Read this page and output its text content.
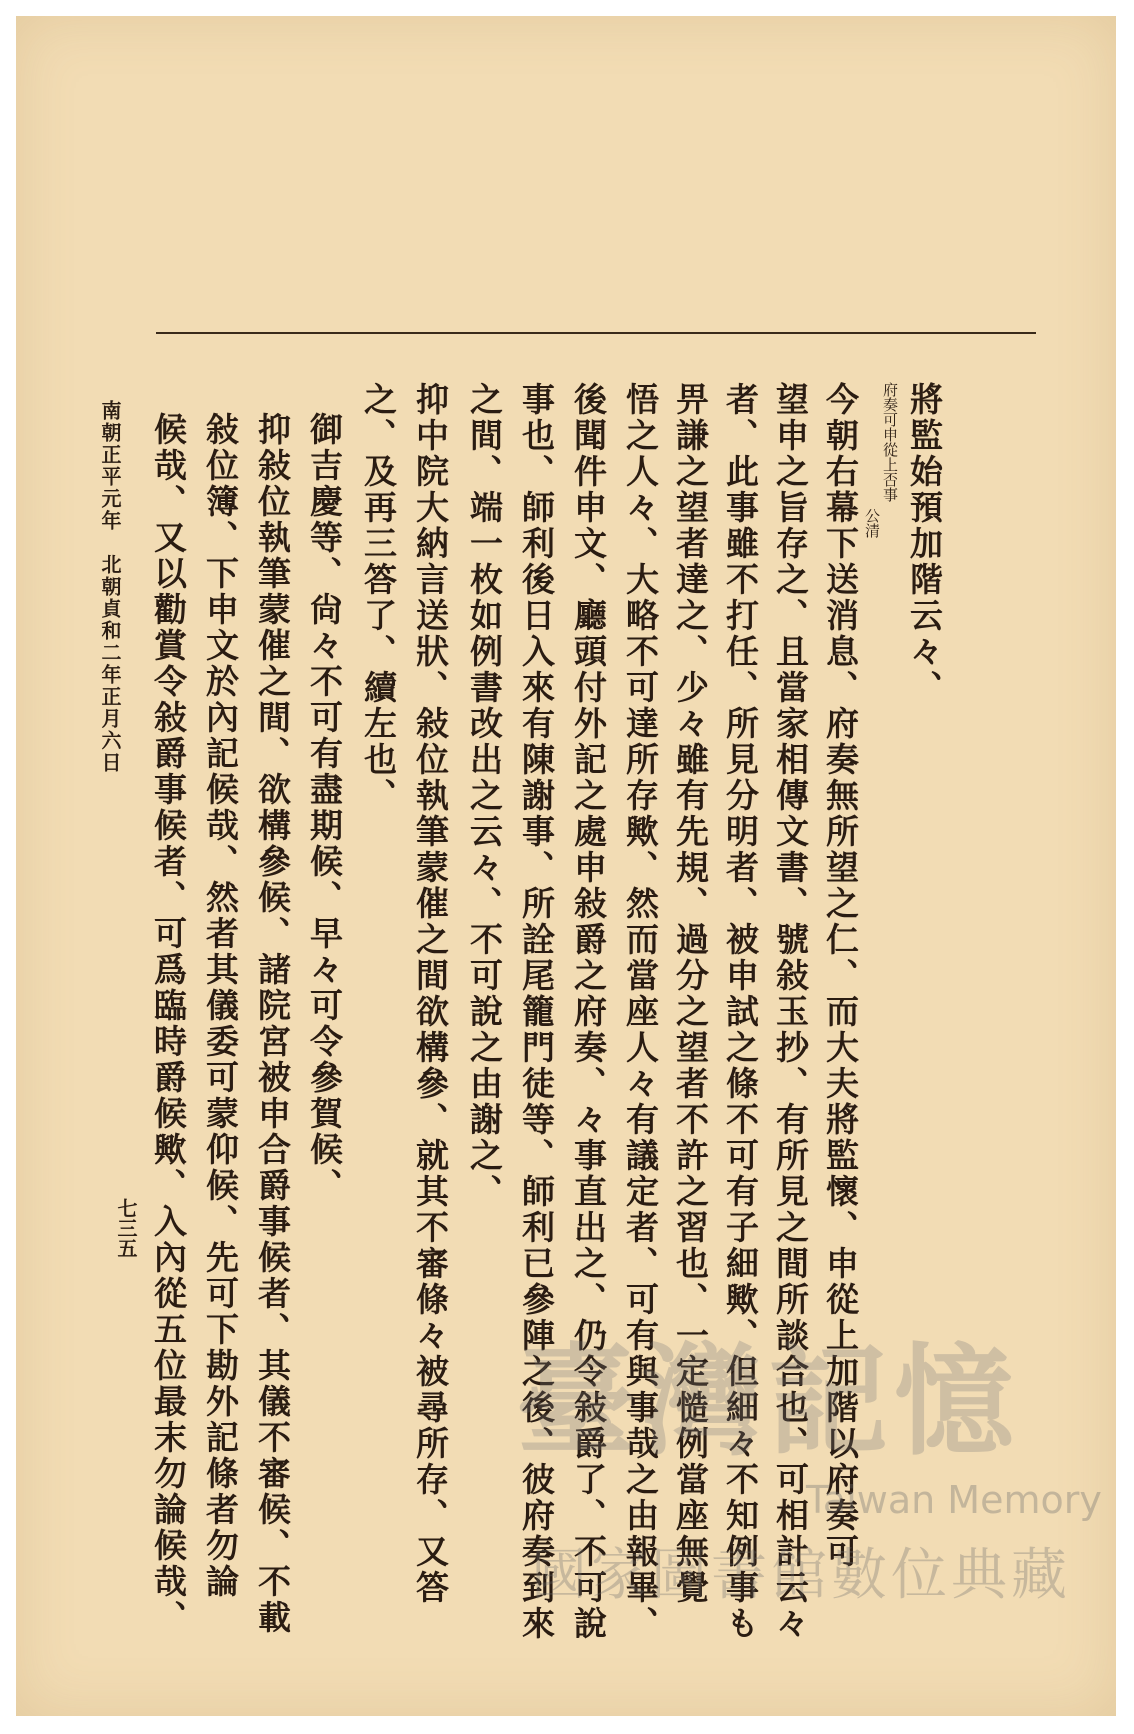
將監始預加階云々、
府奏可申從上否事
公清
今朝右幕下送消息、府奏無所望之仁、而大夫將監懷、申從上加階以府奏可
望申之旨存之、且當家相傳文書、號敍玉抄、有所見之間所談合也、可相計云々
者、此事雖不打任、所見分明者、被申試之條不可有子細歟、但細々不知例事も
畀謙之望者達之、少々雖有先規、過分之望者不許之習也、一定慥例當座無覺
悟之人々、大略不可達所存歟、然而當座人々有議定者、可有與事哉之由報畢、
後聞件申文、廳頭付外記之處申敍爵之府奏、々事直出之、仍令敍爵了、不可說
事也、師利後日入來有陳謝事、所詮尾籠門徒等、師利已參陣之後、彼府奏到來
之間、端一枚如例書改出之云々、不可說之由謝之、
抑中院大納言送狀、敍位執筆蒙催之間欲構參、就其不審條々被尋所存、又答
之、及再三答了、續左也、
御吉慶等、尙々不可有盡期候、早々可令參賀候、
抑敍位執筆蒙催之間、欲構參候、諸院宮被申合爵事候者、其儀不審候、不載
敍位簿、下申文於內記候哉、然者其儀委可蒙仰候、先可下勘外記條者勿論
候哉、又以勸賞令敍爵事候者、可爲臨時爵候歟、入內從五位最末勿論候哉、
南朝正平元年　北朝貞和二年正月六日
七三五
臺灣記憶
Taiwan Memory
國家圖書館數位典藏
